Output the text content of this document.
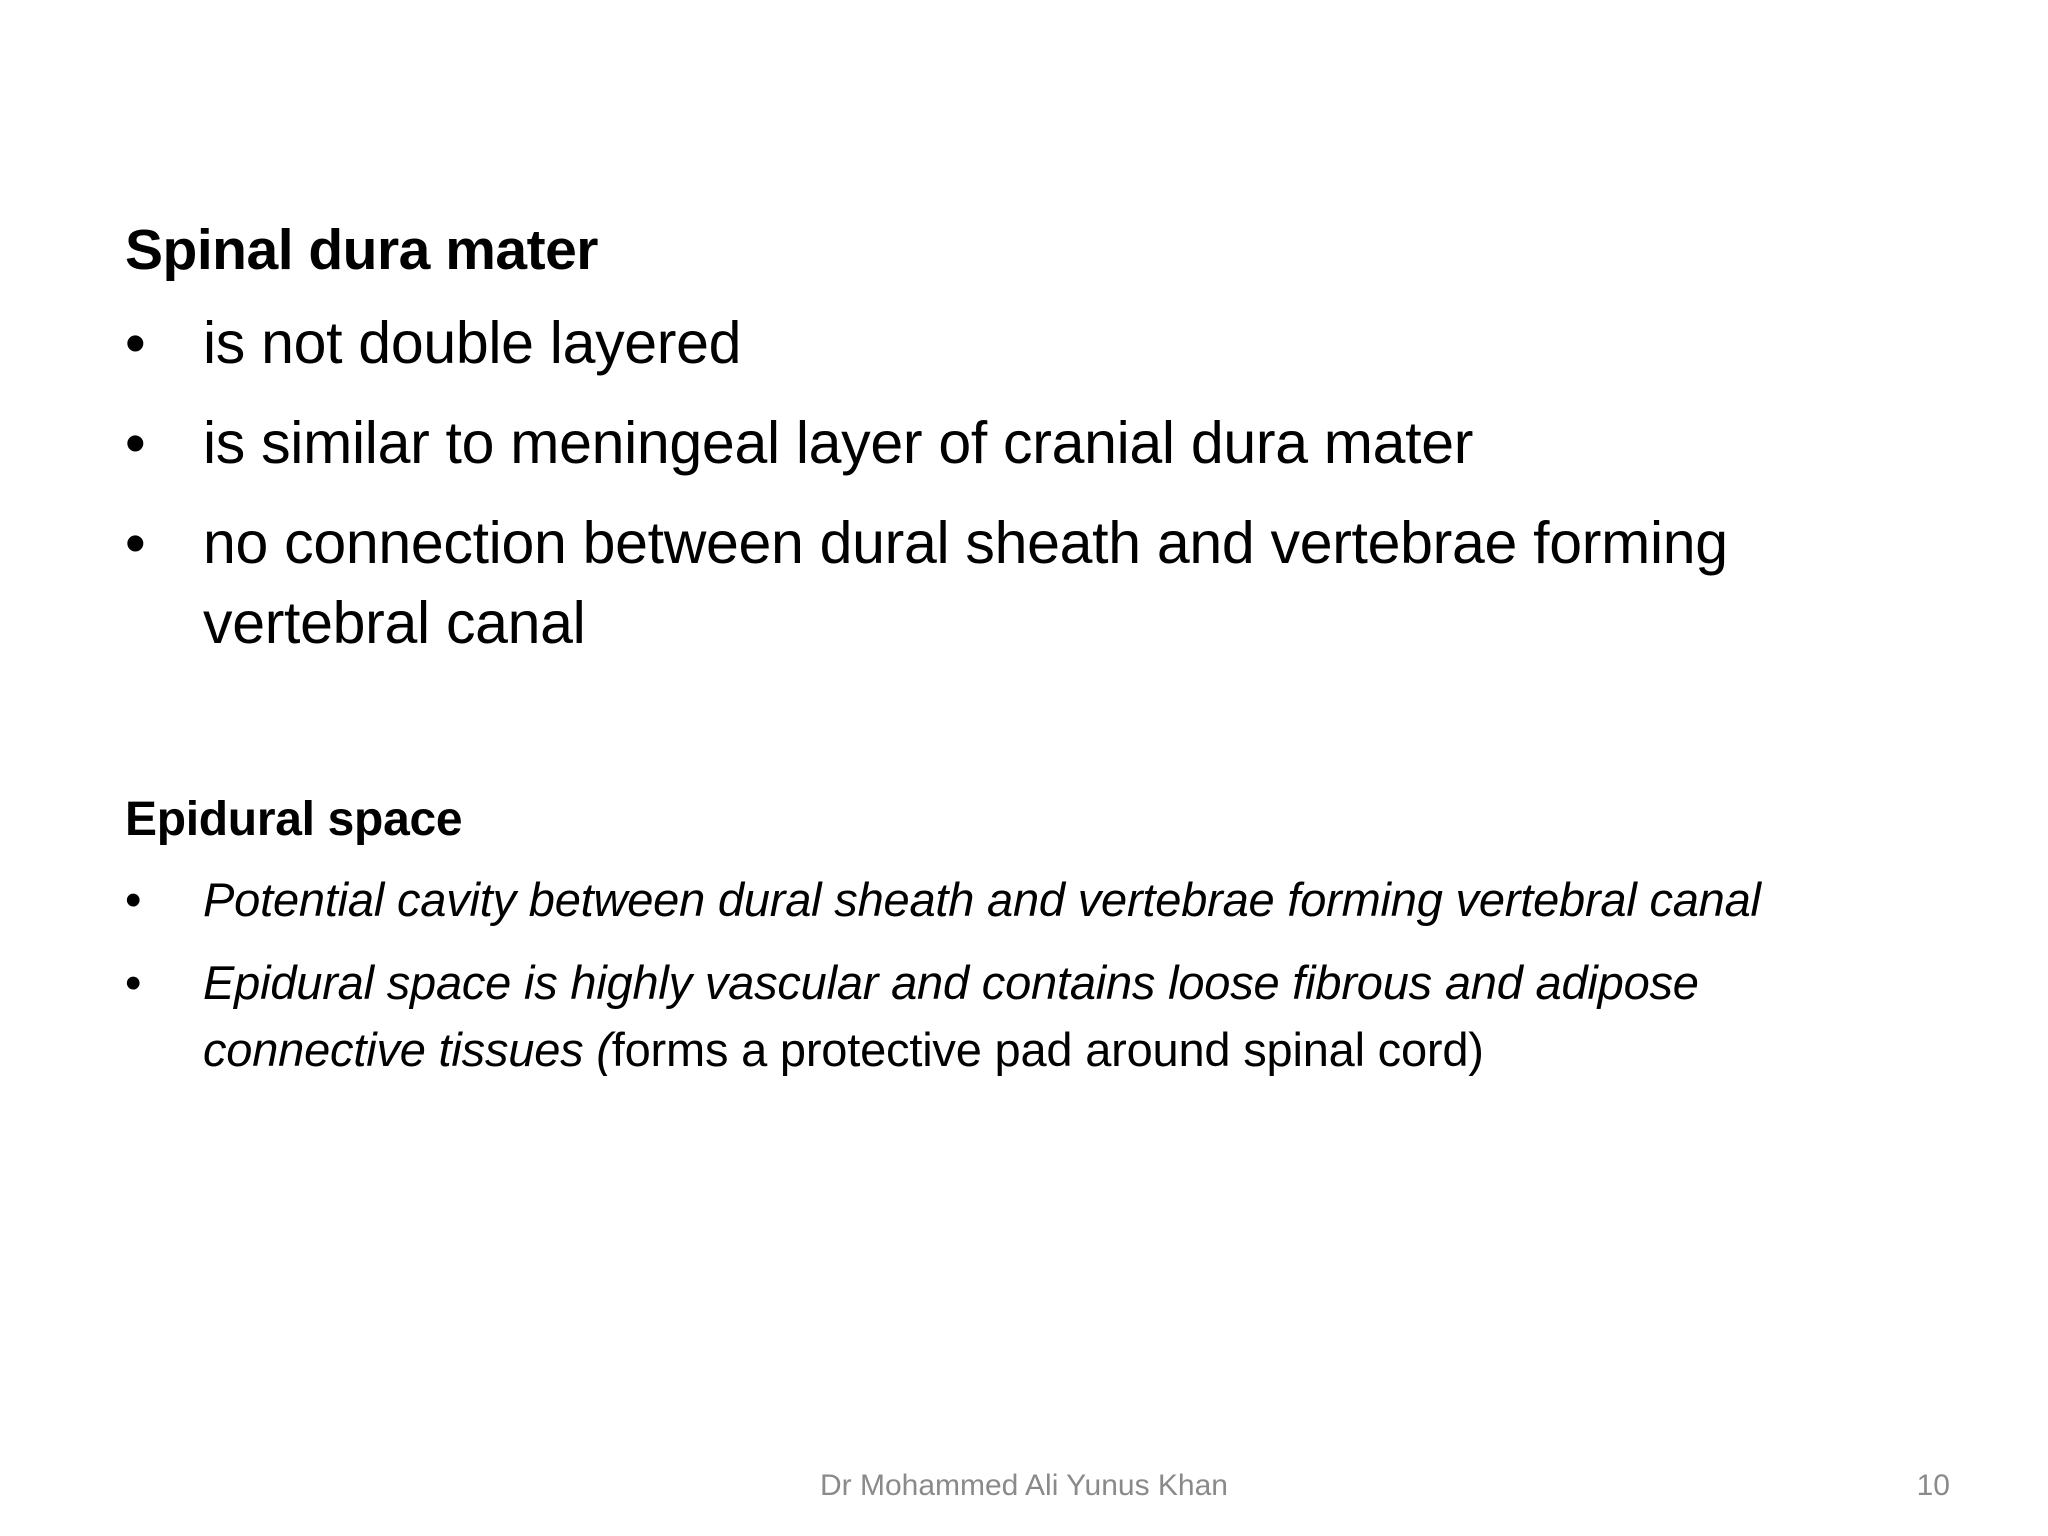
Spinal dura mater

• is not double layered
• is similar to meningeal layer of cranial dura mater
• no connection between dural sheath and vertebrae forming vertebral canal

Epidural space

• Potential cavity between dural sheath and vertebrae forming vertebral canal
• Epidural space is highly vascular and contains loose fibrous and adipose connective tissues (forms a protective pad around spinal cord)
Dr Mohammed Ali Yunus Khan	10
